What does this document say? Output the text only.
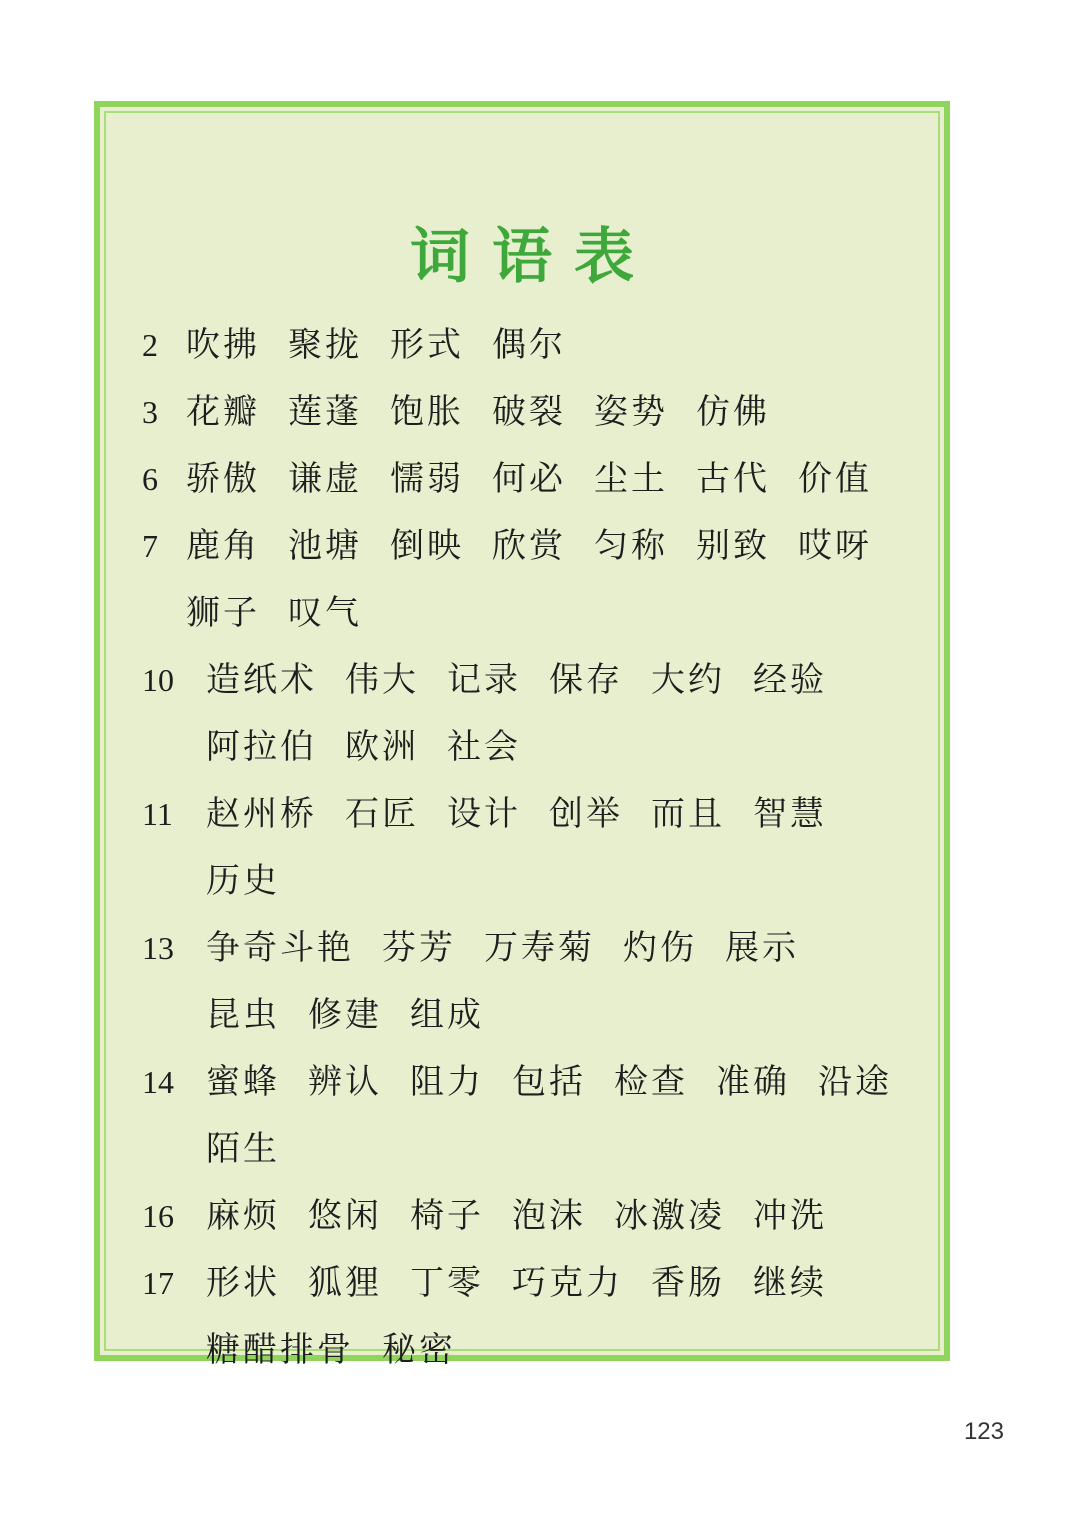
词语表
2 吹拂 聚拢 形式 偶尔
3 花瓣 莲蓬 饱胀 破裂 姿势 仿佛
6 骄傲 谦虚 懦弱 何必 尘土 古代 价值
7 鹿角 池塘 倒映 欣赏 匀称 别致 哎呀
狮子 叹气
10 造纸术 伟大 记录 保存 大约 经验
阿拉伯 欧洲 社会
11 赵州桥 石匠 设计 创举 而且 智慧
历史
13 争奇斗艳 芬芳 万寿菊 灼伤 展示
昆虫 修建 组成
14 蜜蜂 辨认 阻力 包括 检查 准确 沿途
陌生
16 麻烦 悠闲 椅子 泡沫 冰激凌 冲洗
17 形状 狐狸 丁零 巧克力 香肠 继续
糖醋排骨 秘密
123
